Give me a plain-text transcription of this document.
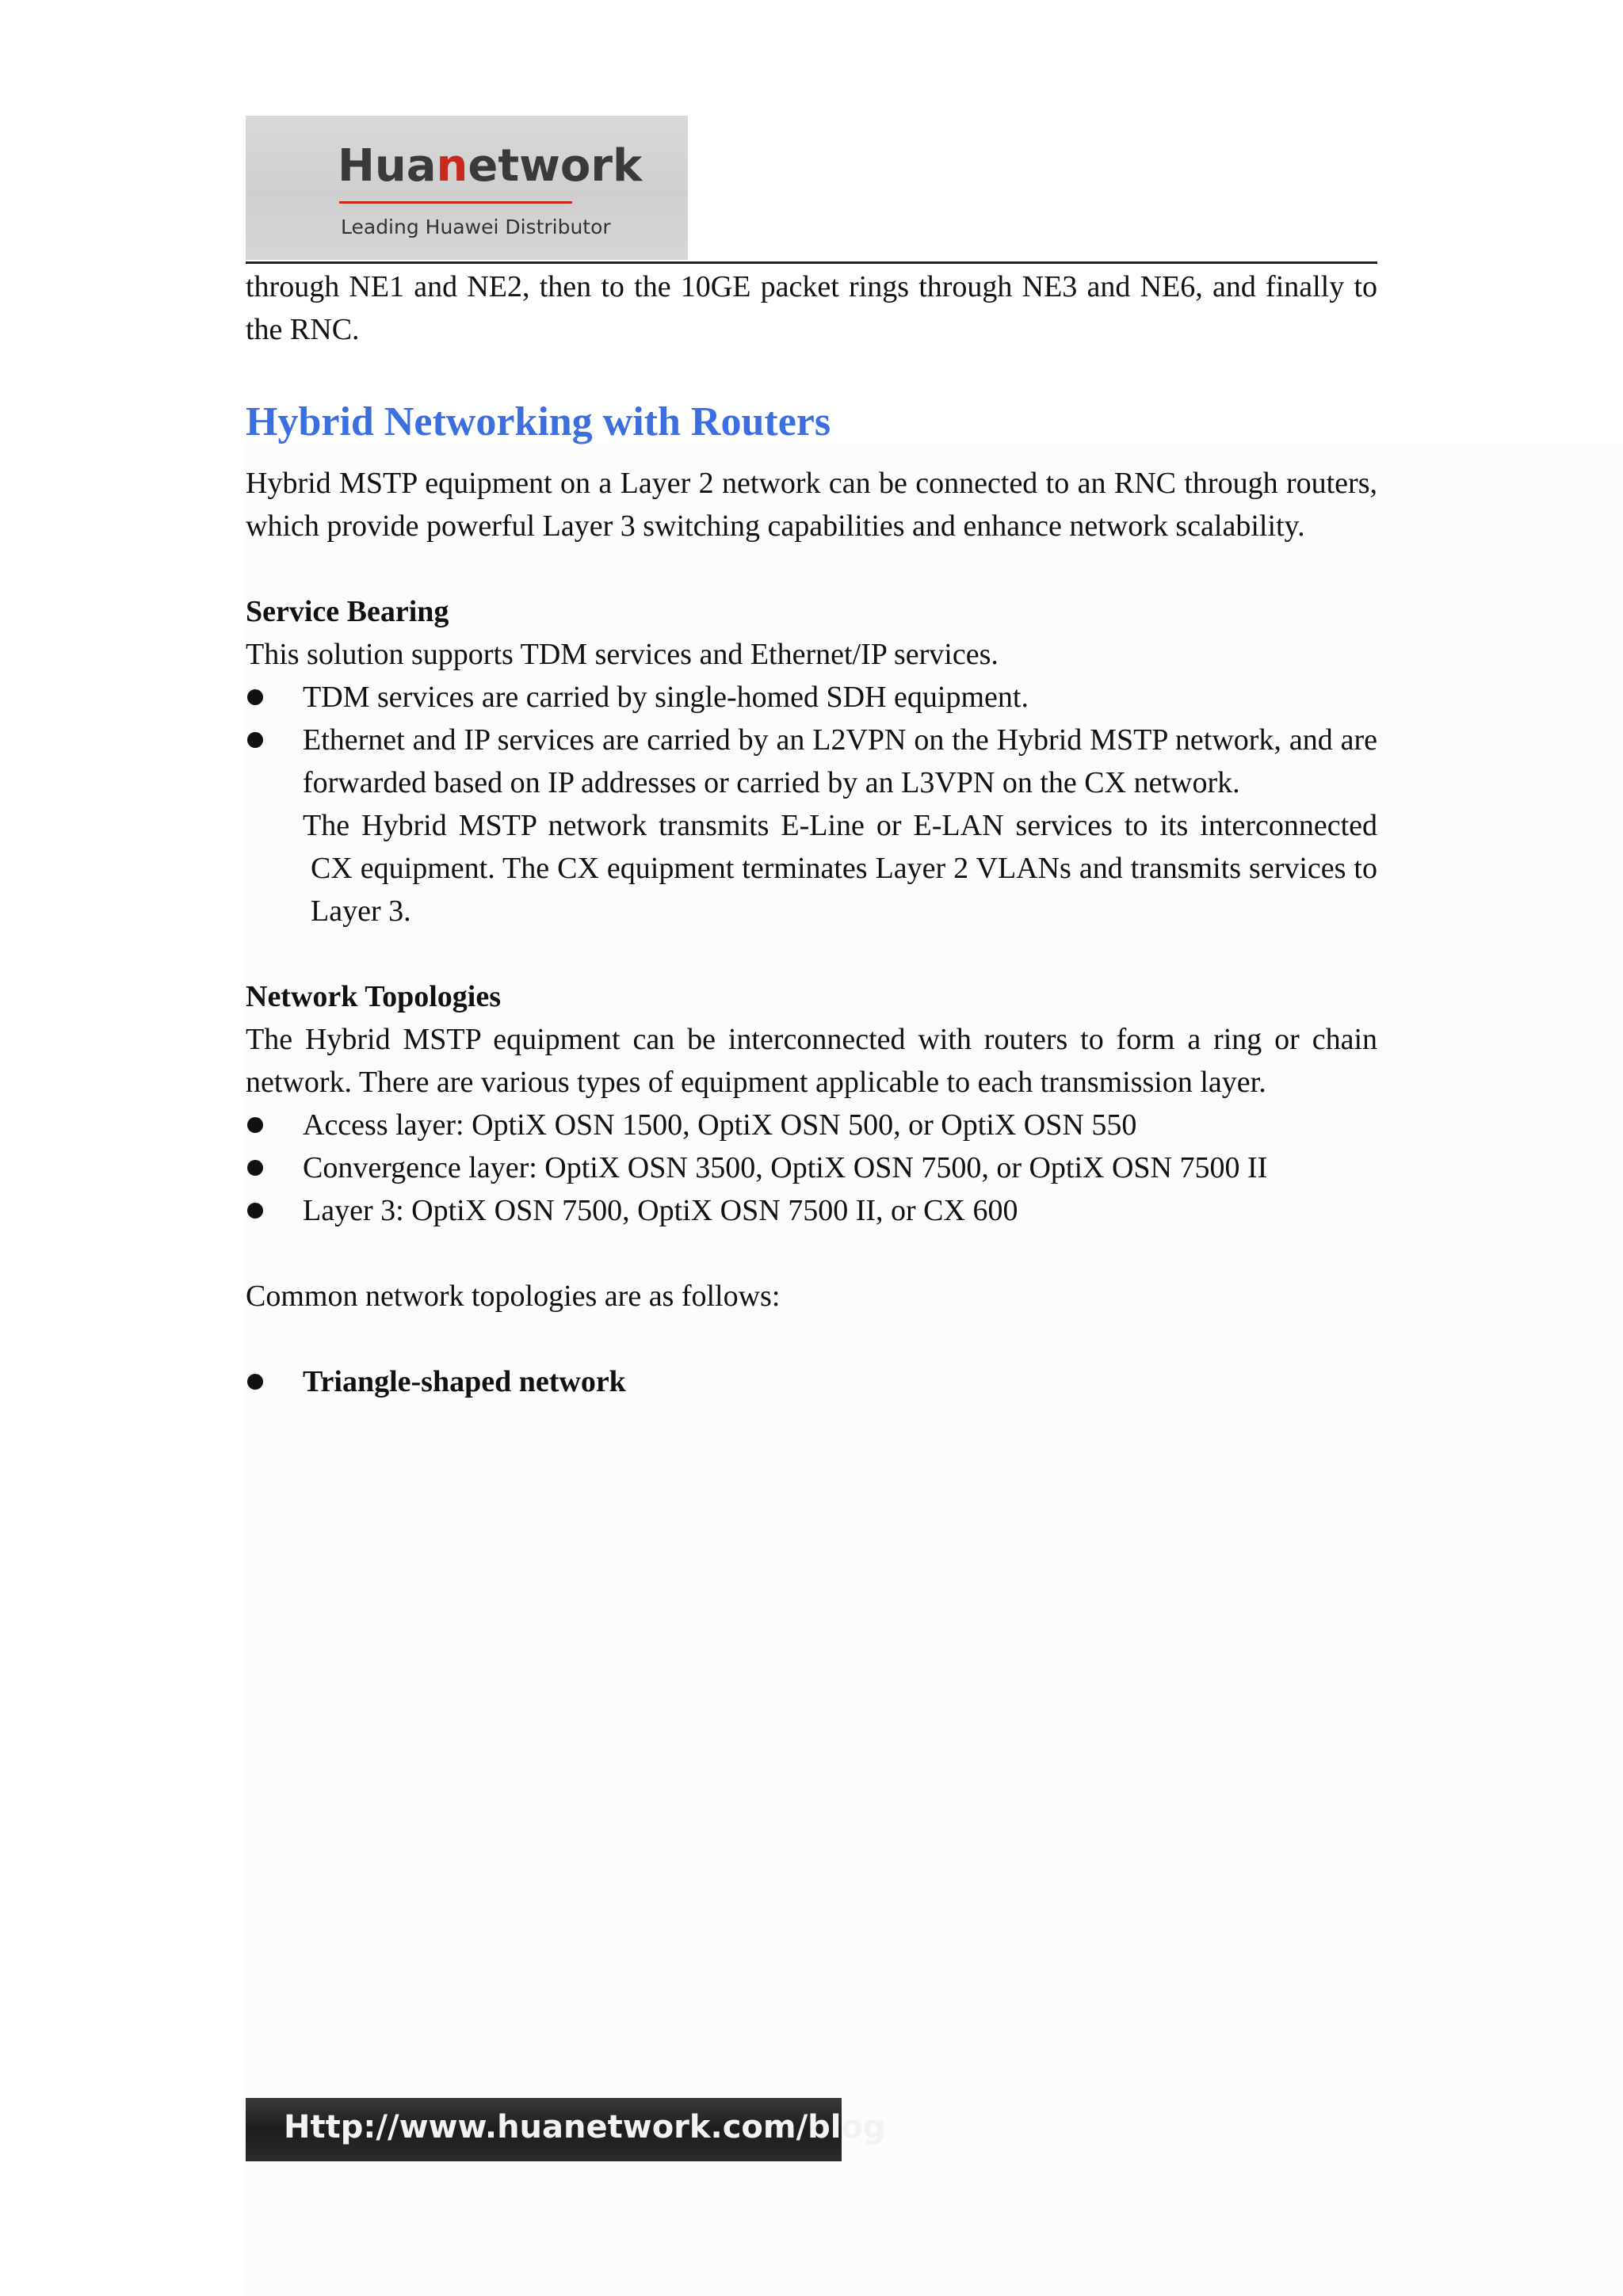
Huanetwork
Leading Huawei Distributor

through NE1 and NE2, then to the 10GE packet rings through NE3 and NE6, and finally to the RNC.

Hybrid Networking with Routers

Hybrid MSTP equipment on a Layer 2 network can be connected to an RNC through routers, which provide powerful Layer 3 switching capabilities and enhance network scalability.

Service Bearing

This solution supports TDM services and Ethernet/IP services.

TDM services are carried by single-homed SDH equipment.
Ethernet and IP services are carried by an L2VPN on the Hybrid MSTP network, and are forwarded based on IP addresses or carried by an L3VPN on the CX network.

The Hybrid MSTP network transmits E-Line or E-LAN services to its interconnected CX equipment. The CX equipment terminates Layer 2 VLANs and transmits services to Layer 3.

Network Topologies

The Hybrid MSTP equipment can be interconnected with routers to form a ring or chain network. There are various types of equipment applicable to each transmission layer.

Access layer: OptiX OSN 1500, OptiX OSN 500, or OptiX OSN 550
Convergence layer: OptiX OSN 3500, OptiX OSN 7500, or OptiX OSN 7500 II
Layer 3: OptiX OSN 7500, OptiX OSN 7500 II, or CX 600

Common network topologies are as follows:

Triangle-shaped network
Http://www.huanetwork.com/blog
